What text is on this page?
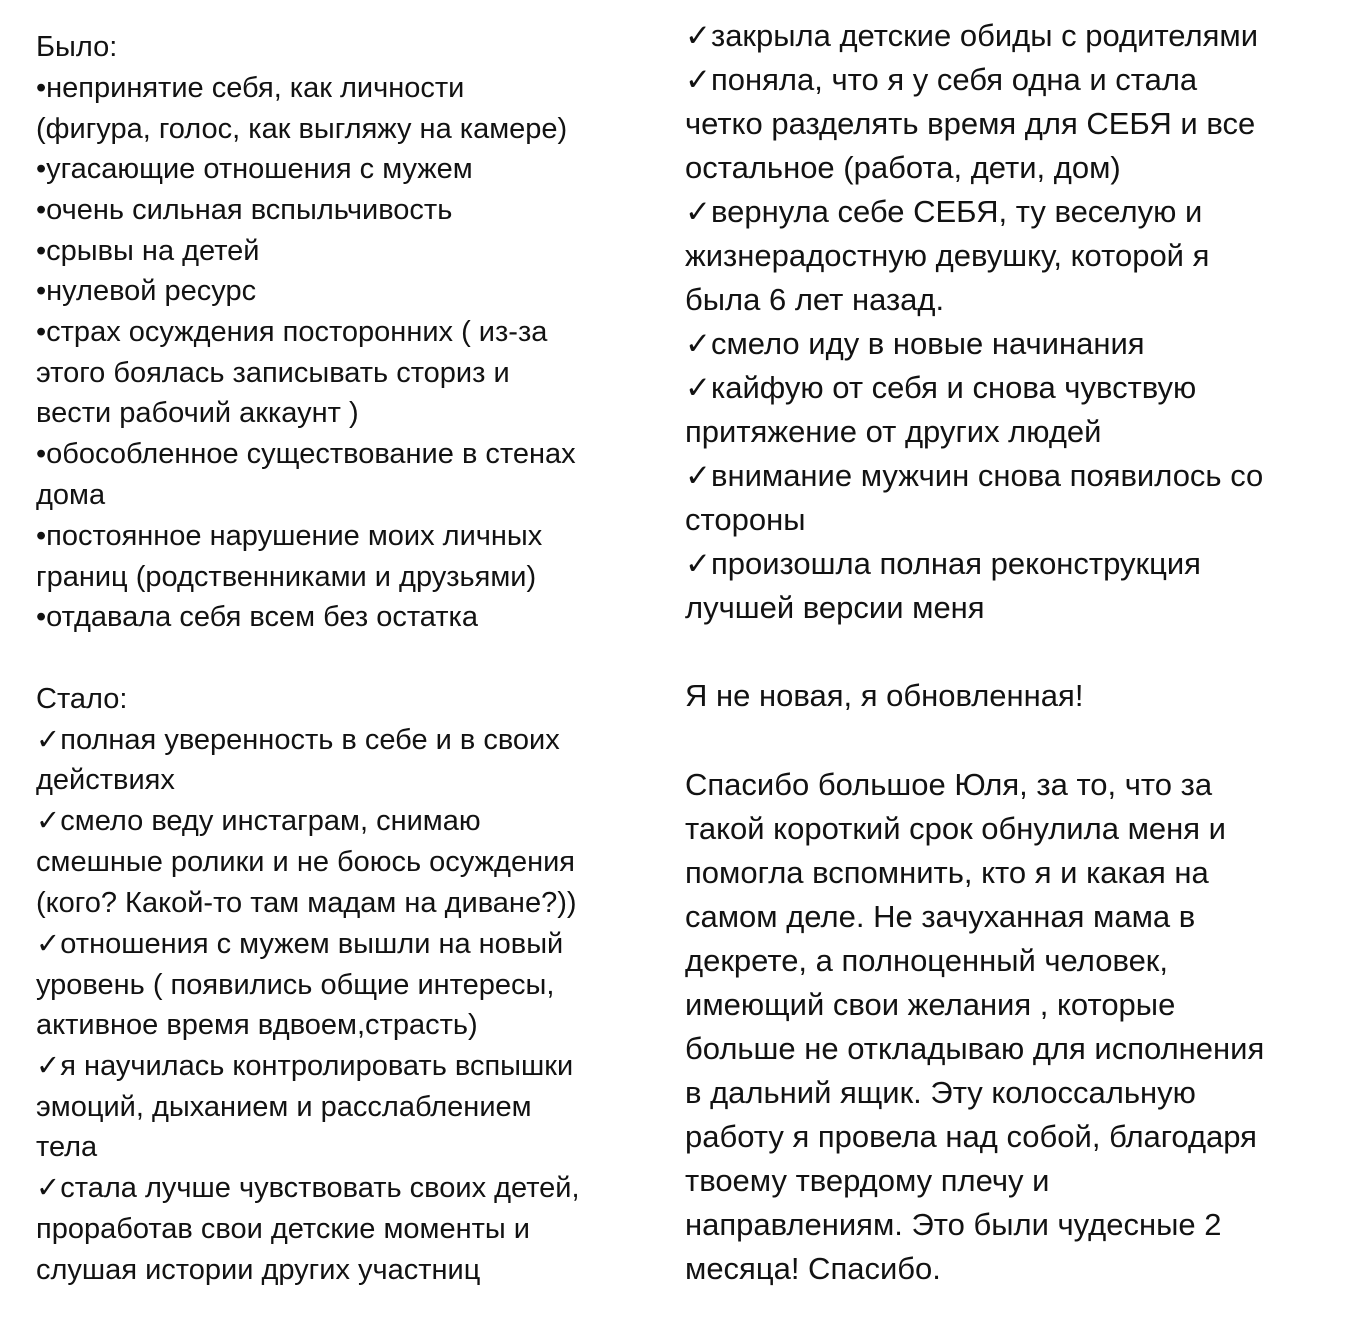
Было:

•непринятие себя, как личности

(фигура, голос, как выгляжу на камере)

•угасающие отношения с мужем

•очень сильная вспыльчивость

•срывы на детей

•нулевой ресурс

•страх осуждения посторонних ( из-за

этого боялась записывать сториз и

вести рабочий аккаунт )

•обособленное существование в стенах

дома

•постоянное нарушение моих личных

границ (родственниками и друзьями)

•отдавала себя всем без остатка

Стало:

✓полная уверенность в себе и в своих

действиях

✓смело веду инстаграм, снимаю

смешные ролики и не боюсь осуждения

(кого? Какой-то там мадам на диване?))

✓отношения с мужем вышли на новый

уровень ( появились общие интересы,

активное время вдвоем,страсть)

✓я научилась контролировать вспышки

эмоций, дыханием и расслаблением

тела

✓стала лучше чувствовать своих детей,

проработав свои детские моменты и

слушая истории других участниц

✓закрыла детские обиды с родителями

✓поняла, что я у себя одна и стала

четко разделять время для СЕБЯ и все

остальное (работа, дети, дом)

✓вернула себе СЕБЯ, ту веселую и

жизнерадостную девушку, которой я

была 6 лет назад.

✓смело иду в новые начинания

✓кайфую от себя и снова чувствую

притяжение от других людей

✓внимание мужчин снова появилось со

стороны

✓произошла полная реконструкция

лучшей версии меня

Я не новая, я обновленная!

Спасибо большое Юля, за то, что за

такой короткий срок обнулила меня и

помогла вспомнить, кто я и какая на

самом деле. Не зачуханная мама в

декрете, а полноценный человек,

имеющий свои желания , которые

больше не откладываю для исполнения

в дальний ящик. Эту колоссальную

работу я провела над собой, благодаря

твоему твердому плечу и

направлениям. Это были чудесные 2

месяца! Спасибо.
